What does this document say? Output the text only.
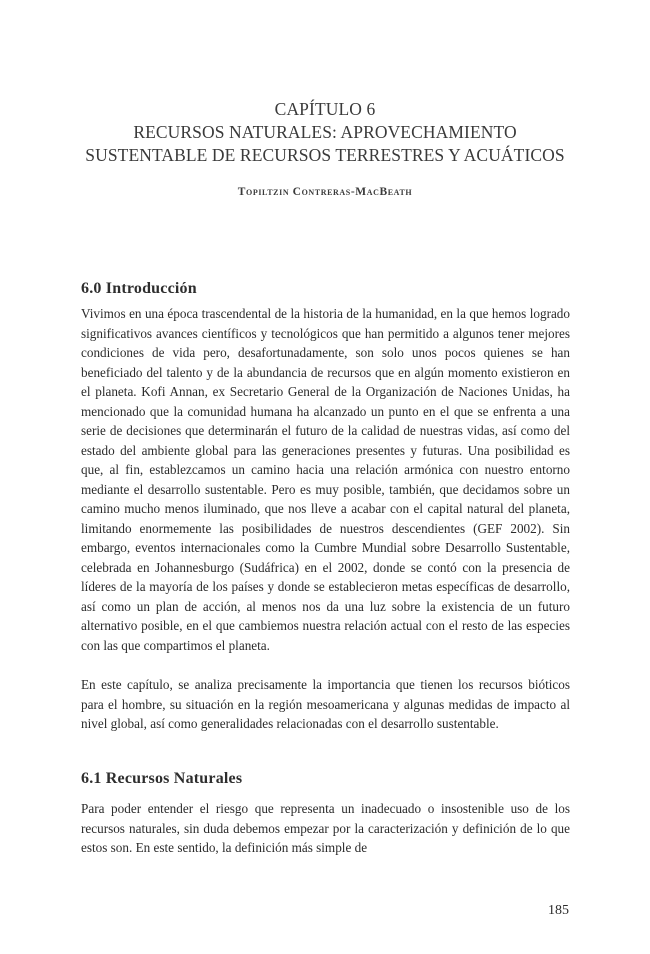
CAPÍTULO 6
RECURSOS NATURALES: APROVECHAMIENTO
SUSTENTABLE DE RECURSOS TERRESTRES Y ACUÁTICOS
Topiltzin Contreras-MacBeath
6.0 Introducción

Vivimos en una época trascendental de la historia de la humanidad, en la que hemos logrado significativos avances científicos y tecnológicos que han permitido a algunos tener mejores condiciones de vida pero, desafortunadamente, son solo unos pocos quienes se han beneficiado del talento y de la abundancia de recursos que en algún momento existieron en el planeta. Kofi Annan, ex Secretario General de la Organización de Naciones Unidas, ha mencionado que la comunidad humana ha alcanzado un punto en el que se enfrenta a una serie de decisiones que determinarán el futuro de la calidad de nuestras vidas, así como del estado del ambiente global para las generaciones presentes y futuras. Una posibilidad es que, al fin, establezcamos un camino hacia una relación armónica con nuestro entorno mediante el desarrollo sustentable. Pero es muy posible, también, que decidamos sobre un camino mucho menos iluminado, que nos lleve a acabar con el capital natural del planeta, limitando enormemente las posibilidades de nuestros descendientes (GEF 2002). Sin embargo, eventos internacionales como la Cumbre Mundial sobre Desarrollo Sustentable, celebrada en Johannesburgo (Sudáfrica) en el 2002, donde se contó con la presencia de líderes de la mayoría de los países y donde se establecieron metas específicas de desarrollo, así como un plan de acción, al menos nos da una luz sobre la existencia de un futuro alternativo posible, en el que cambiemos nuestra relación actual con el resto de las especies con las que compartimos el planeta.

En este capítulo, se analiza precisamente la importancia que tienen los recursos bióticos para el hombre, su situación en la región mesoamericana y algunas medidas de impacto al nivel global, así como generalidades relacionadas con el desarrollo sustentable.

6.1 Recursos Naturales

Para poder entender el riesgo que representa un inadecuado o insostenible uso de los recursos naturales, sin duda debemos empezar por la caracterización y definición de lo que estos son. En este sentido, la definición más simple de

185
